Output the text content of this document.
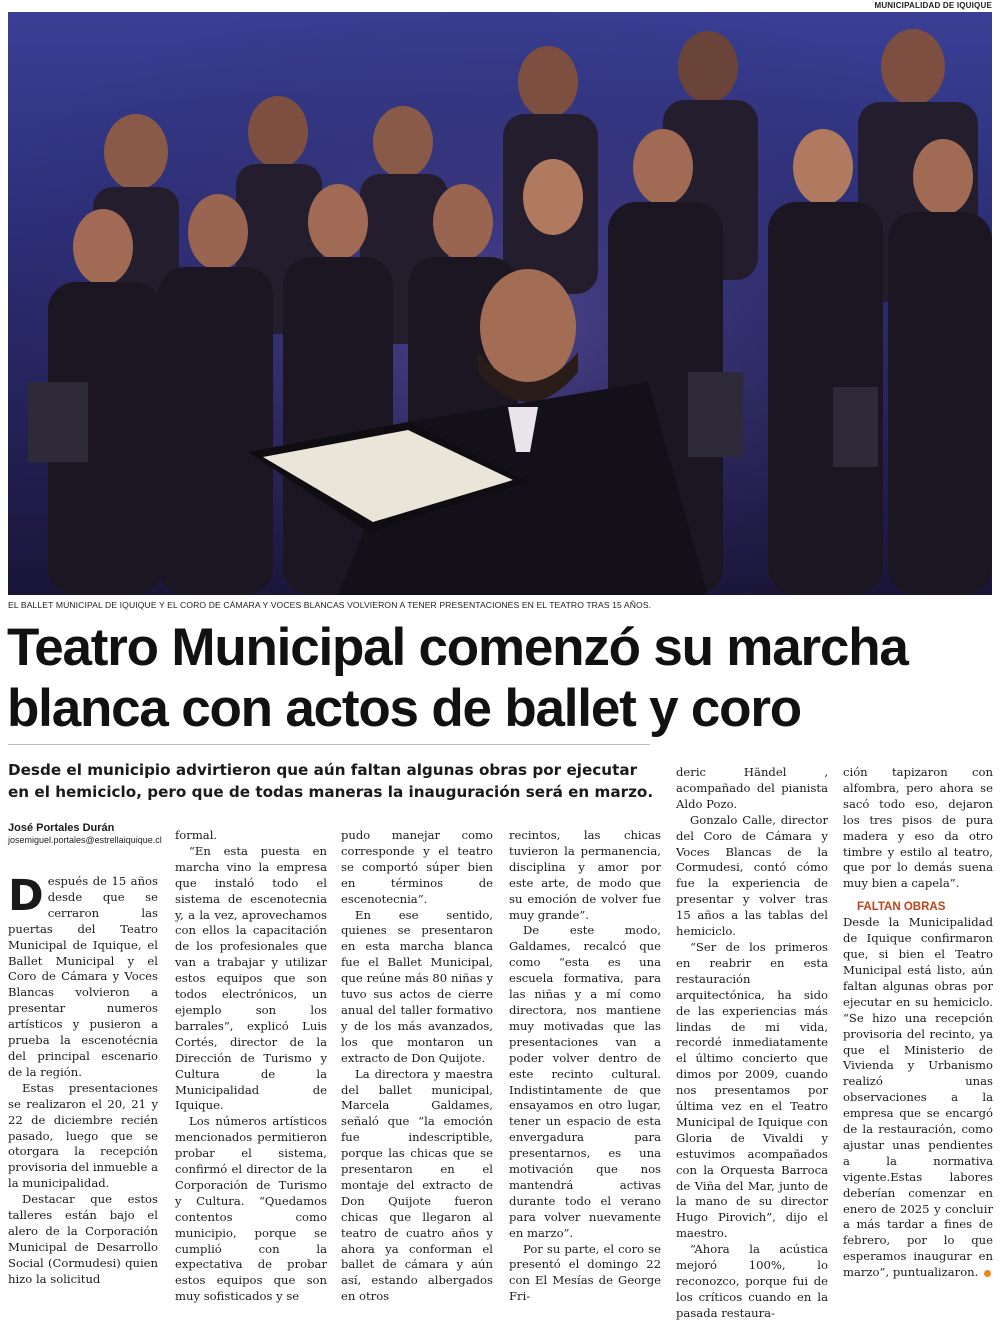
MUNICIPALIDAD DE IQUIQUE
EL BALLET MUNICIPAL DE IQUIQUE Y EL CORO DE CÁMARA Y VOCES BLANCAS VOLVIERON A TENER PRESENTACIONES EN EL TEATRO TRAS 15 AÑOS.
Teatro Municipal comenzó su marcha blanca con actos de ballet y coro

Desde el municipio advirtieron que aún faltan algunas obras por ejecutar en el hemiciclo, pero que de todas maneras la inauguración será en marzo.

José Portales Durán
josemiguel.portales@estrellaiquique.cl

Después de 15 años desde que se cerraron las puertas del Teatro Municipal de Iquique, el Ballet Municipal y el Coro de Cámara y Voces Blancas volvieron a presentar numeros artísticos y pusieron a prueba la escenotécnia del principal escenario de la región.

Estas presentaciones se realizaron el 20, 21 y 22 de diciembre recién pasado, luego que se otorgara la recepción provisoria del inmueble a la municipalidad.

Destacar que estos talleres están bajo el alero de la Corporación Municipal de Desarrollo Social (Cormudesi) quien hizo la solicitud

formal.

“En esta puesta en marcha vino la empresa que instaló todo el sistema de escenotecnia y, a la vez, aprovechamos con ellos la capacitación de los profesionales que van a trabajar y utilizar estos equipos que son todos electrónicos, un ejemplo son los barrales”, explicó Luis Cortés, director de la Dirección de Turismo y Cultura de la Municipalidad de Iquique.

Los números artísticos mencionados permitieron probar el sistema, confirmó el director de la Corporación de Turismo y Cultura. “Quedamos contentos como municipio, porque se cumplió con la expectativa de probar estos equipos que son muy sofisticados y se

pudo manejar como corresponde y el teatro se comportó súper bien en términos de escenotecnia”.

En ese sentido, quienes se presentaron en esta marcha blanca fue el Ballet Municipal, que reúne más 80 niñas y tuvo sus actos de cierre anual del taller formativo y de los más avanzados, los que montaron un extracto de Don Quijote.

La directora y maestra del ballet municipal, Marcela Galdames, señaló que “la emoción fue indescriptible, porque las chicas que se presentaron en el montaje del extracto de Don Quijote fueron chicas que llegaron al teatro de cuatro años y ahora ya conforman el ballet de cámara y aún así, estando albergados en otros

recintos, las chicas tuvieron la permanencia, disciplina y amor por este arte, de modo que su emoción de volver fue muy grande”.

De este modo, Galdames, recalcó que como “esta es una escuela formativa, para las niñas y a mí como directora, nos mantiene muy motivadas que las presentaciones van a poder volver dentro de este recinto cultural. Indistintamente de que ensayamos en otro lugar, tener un espacio de esta envergadura para presentarnos, es una motivación que nos mantendrá activas durante todo el verano para volver nuevamente en marzo”.

Por su parte, el coro se presentó el domingo 22 con El Mesías de George Fri-

deric Händel , acompañado del pianista Aldo Pozo.

Gonzalo Calle, director del Coro de Cámara y Voces Blancas de la Cormudesi, contó cómo fue la experiencia de presentar y volver tras 15 años a las tablas del hemiciclo.

“Ser de los primeros en reabrir en esta restauración arquitectónica, ha sido de las experiencias más lindas de mi vida, recordé inmediatamente el último concierto que dimos por 2009, cuando nos presentamos por última vez en el Teatro Municipal de Iquique con Gloria de Vivaldi y estuvimos acompañados con la Orquesta Barroca de Viña del Mar, junto de la mano de su director Hugo Pirovich”, dijo el maestro.

“Ahora la acústica mejoró 100%, lo reconozco, porque fui de los críticos cuando en la pasada restaura-

ción tapizaron con alfombra, pero ahora se sacó todo eso, dejaron los tres pisos de pura madera y eso da otro timbre y estilo al teatro, que por lo demás suena muy bien a capela”.

FALTAN OBRAS

Desde la Municipalidad de Iquique confirmaron que, si bien el Teatro Municipal está listo, aún faltan algunas obras por ejecutar en su hemiciclo. “Se hizo una recepción provisoria del recinto, ya que el Ministerio de Vivienda y Urbanismo realizó unas observaciones a la empresa que se encargó de la restauración, como ajustar unas pendientes a la normativa vigente.Estas labores deberían comenzar en enero de 2025 y concluir a más tardar a fines de febrero, por lo que esperamos inaugurar en marzo”, puntualizaron.
